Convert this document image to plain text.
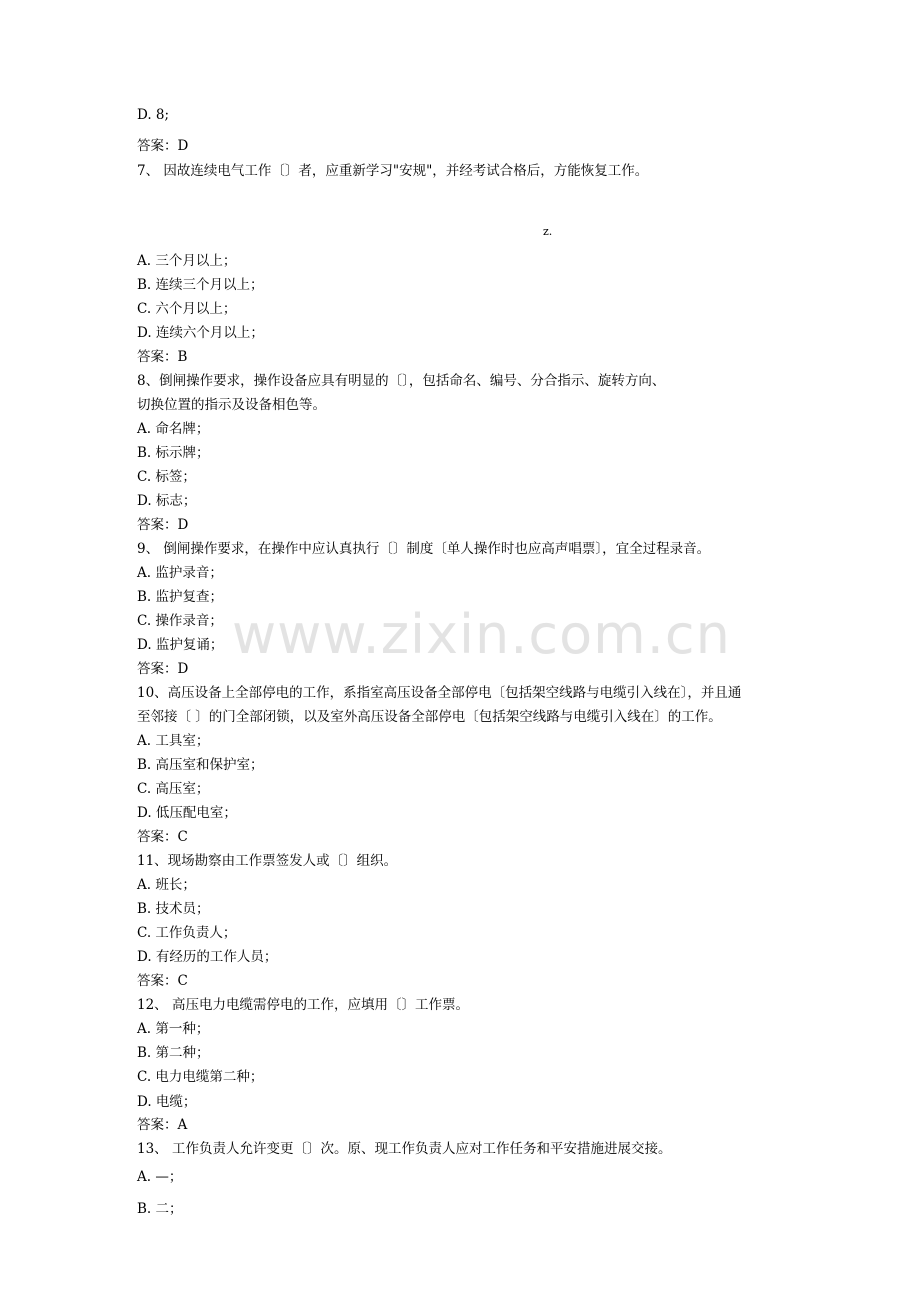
www.zixin.com.cn
z.
D. 8;
答案：D
7、 因故连续电气工作〔〕者，应重新学习"安规"，并经考试合格后，方能恢复工作。
A. 三个月以上；
B. 连续三个月以上；
C. 六个月以上；
D. 连续六个月以上；
答案：B
8、倒闸操作要求，操作设备应具有明显的〔〕，包括命名、编号、分合指示、旋转方向、
切换位置的指示及设备相色等。
A. 命名牌；
B. 标示牌；
C. 标签；
D. 标志；
答案：D
9、 倒闸操作要求，在操作中应认真执行〔〕制度〔单人操作时也应高声唱票〕，宜全过程录音。
A. 监护录音；
B. 监护复查；
C. 操作录音；
D. 监护复诵；
答案：D
10、高压设备上全部停电的工作，系指室高压设备全部停电〔包括架空线路与电缆引入线在〕，并且通
至邻接〔 〕的门全部闭锁，以及室外高压设备全部停电〔包括架空线路与电缆引入线在〕的工作。
A. 工具室；
B. 高压室和保护室；
C. 高压室；
D. 低压配电室；
答案：C
11、现场勘察由工作票签发人或〔〕组织。
A. 班长；
B. 技术员；
C. 工作负责人；
D. 有经历的工作人员；
答案：C
12、 高压电力电缆需停电的工作，应填用〔〕工作票。
A. 第一种；
B. 第二种；
C. 电力电缆第二种；
D. 电缆；
答案：A
13、 工作负责人允许变更〔〕次。原、现工作负责人应对工作任务和平安措施进展交接。
A. —；
B. 二；
